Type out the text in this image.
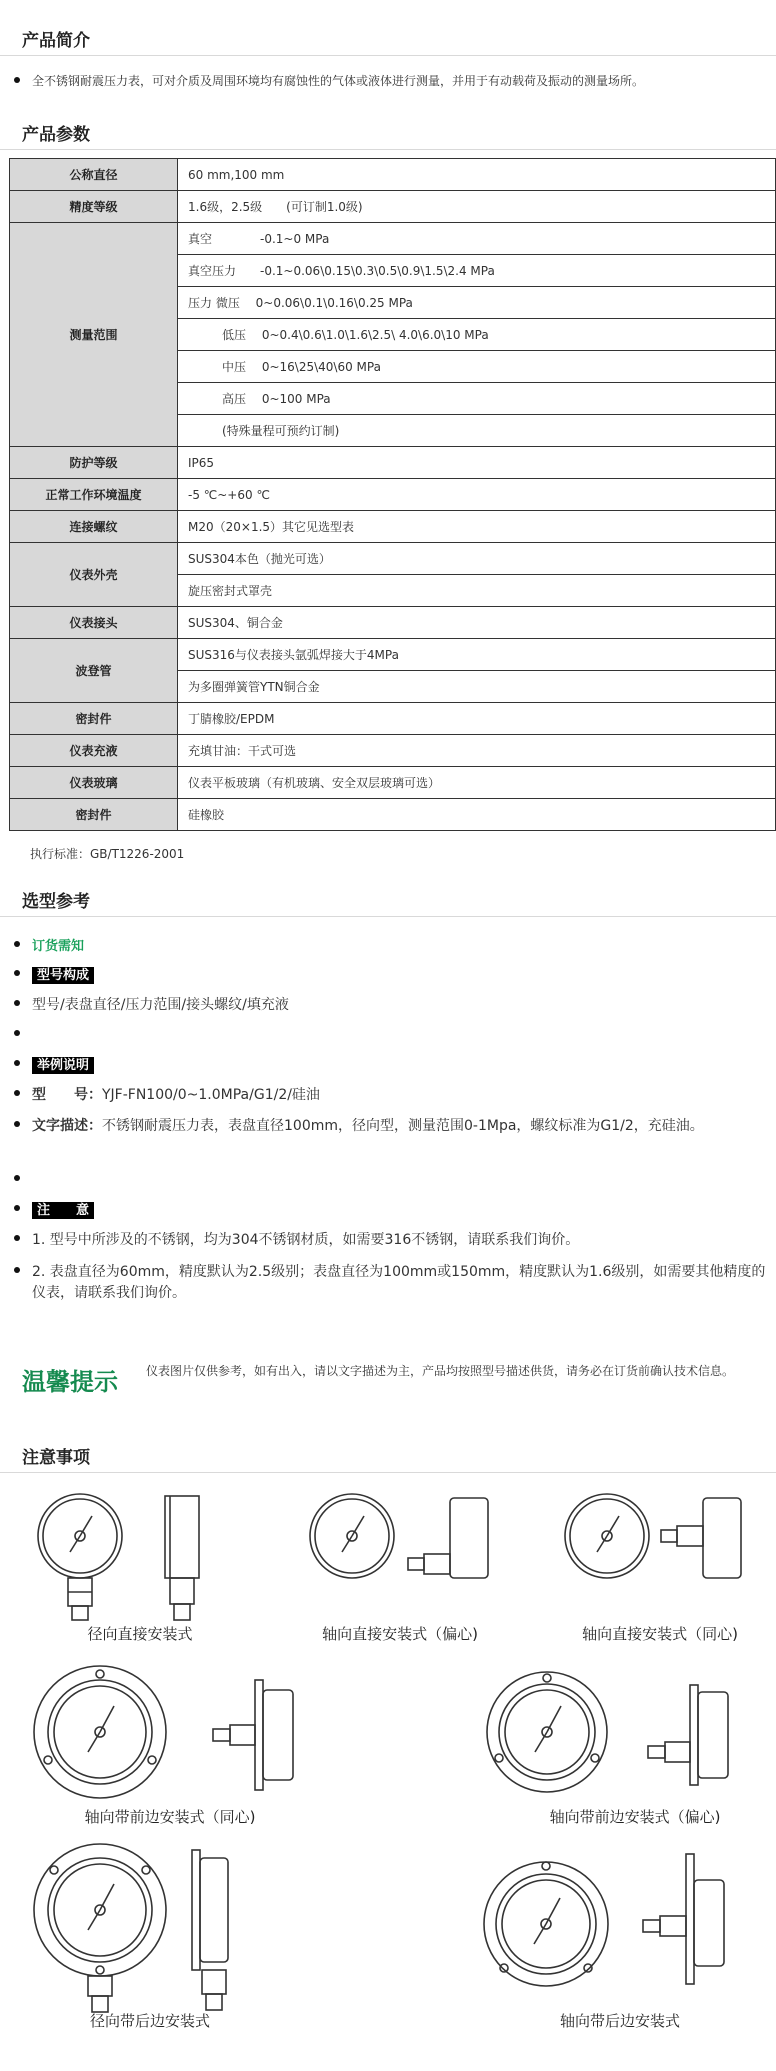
产品简介
全不锈钢耐震压力表，可对介质及周围环境均有腐蚀性的气体或液体进行测量，并用于有动载荷及振动的测量场所。
产品参数
公称直径	60 mm,100 mm
精度等级	1.6级，2.5级　　(可订制1.0级)
测量范围	真空　　　　-0.1~0 MPa
	真空压力　　-0.1~0.06\0.15\0.3\0.5\0.9\1.5\2.4 MPa
	压力 微压　 0~0.06\0.1\0.16\0.25 MPa
	低压　 0~0.4\0.6\1.0\1.6\2.5\ 4.0\6.0\10 MPa
	中压　 0~16\25\40\60 MPa
	高压　 0~100 MPa
	(特殊量程可预约订制)
防护等级	IP65
正常工作环境温度	-5 ℃~+60 ℃
连接螺纹	M20（20×1.5）其它见选型表
仪表外壳	SUS304本色（抛光可选）
	旋压密封式罩壳
仪表接头	SUS304、铜合金
波登管	SUS316与仪表接头氩弧焊接大于4MPa
	为多圈弹簧管YTN铜合金
密封件	丁腈橡胶/EPDM
仪表充液	充填甘油：干式可选
仪表玻璃	仪表平板玻璃（有机玻璃、安全双层玻璃可选）
密封件	硅橡胶
执行标准：GB/T1226-2001
选型参考
订货需知
型号构成
型号/表盘直径/压力范围/接头螺纹/填充液
举例说明
型　　号：YJF-FN100/0~1.0MPa/G1/2/硅油
文字描述：不锈钢耐震压力表，表盘直径100mm，径向型，测量范围0-1Mpa，螺纹标准为G1/2，充硅油。
注　　意
1. 型号中所涉及的不锈钢，均为304不锈钢材质，如需要316不锈钢，请联系我们询价。
2. 表盘直径为60mm，精度默认为2.5级别；表盘直径为100mm或150mm，精度默认为1.6级别，如需要其他精度的仪表，请联系我们询价。
温馨提示 仪表图片仅供参考，如有出入，请以文字描述为主，产品均按照型号描述供货，请务必在订货前确认技术信息。
注意事项
径向直接安装式	轴向直接安装式（偏心)	轴向直接安装式（同心)
轴向带前边安装式（同心)	轴向带前边安装式（偏心)
径向带后边安装式	轴向带后边安装式
